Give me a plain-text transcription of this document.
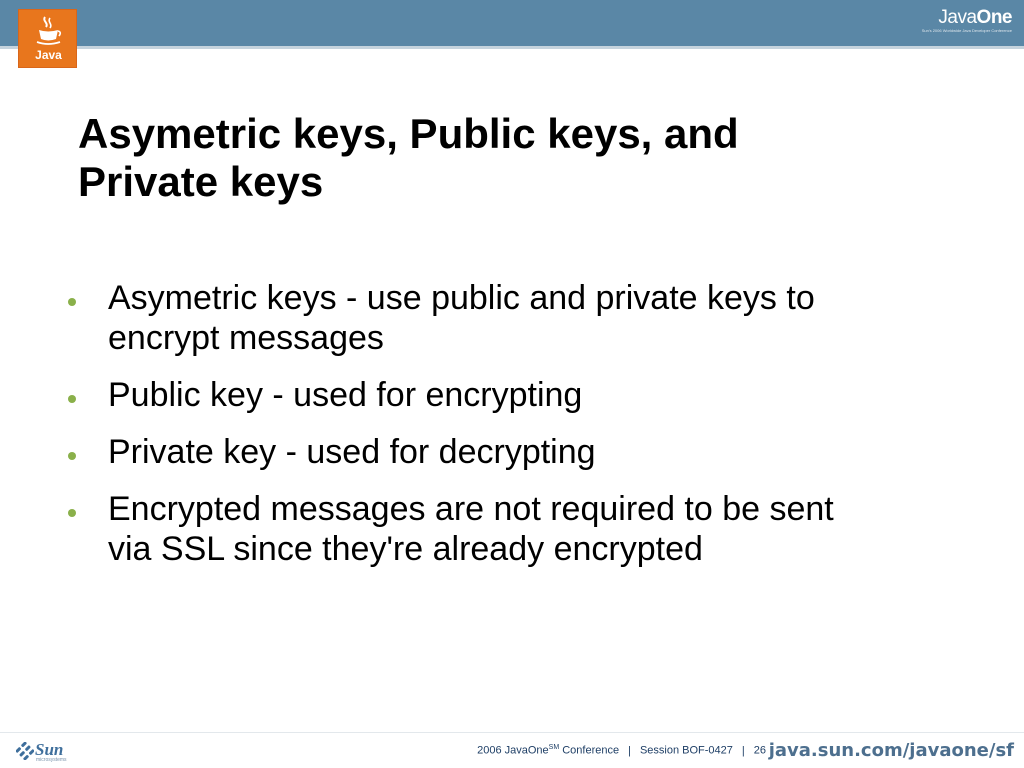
Java
JavaOne
Sun's 2006 Worldwide Java Developer Conference
Asymetric keys, Public keys, and
Private keys
Asymetric keys - use public and private keys to
encrypt messages
Public key - used for encrypting
Private key - used for decrypting
Encrypted messages are not required to be sent
via SSL since they're already encrypted
Sun
microsystems
2006 JavaOne℠ Conference | Session BOF-0427 | 26 java.sun.com/javaone/sf
